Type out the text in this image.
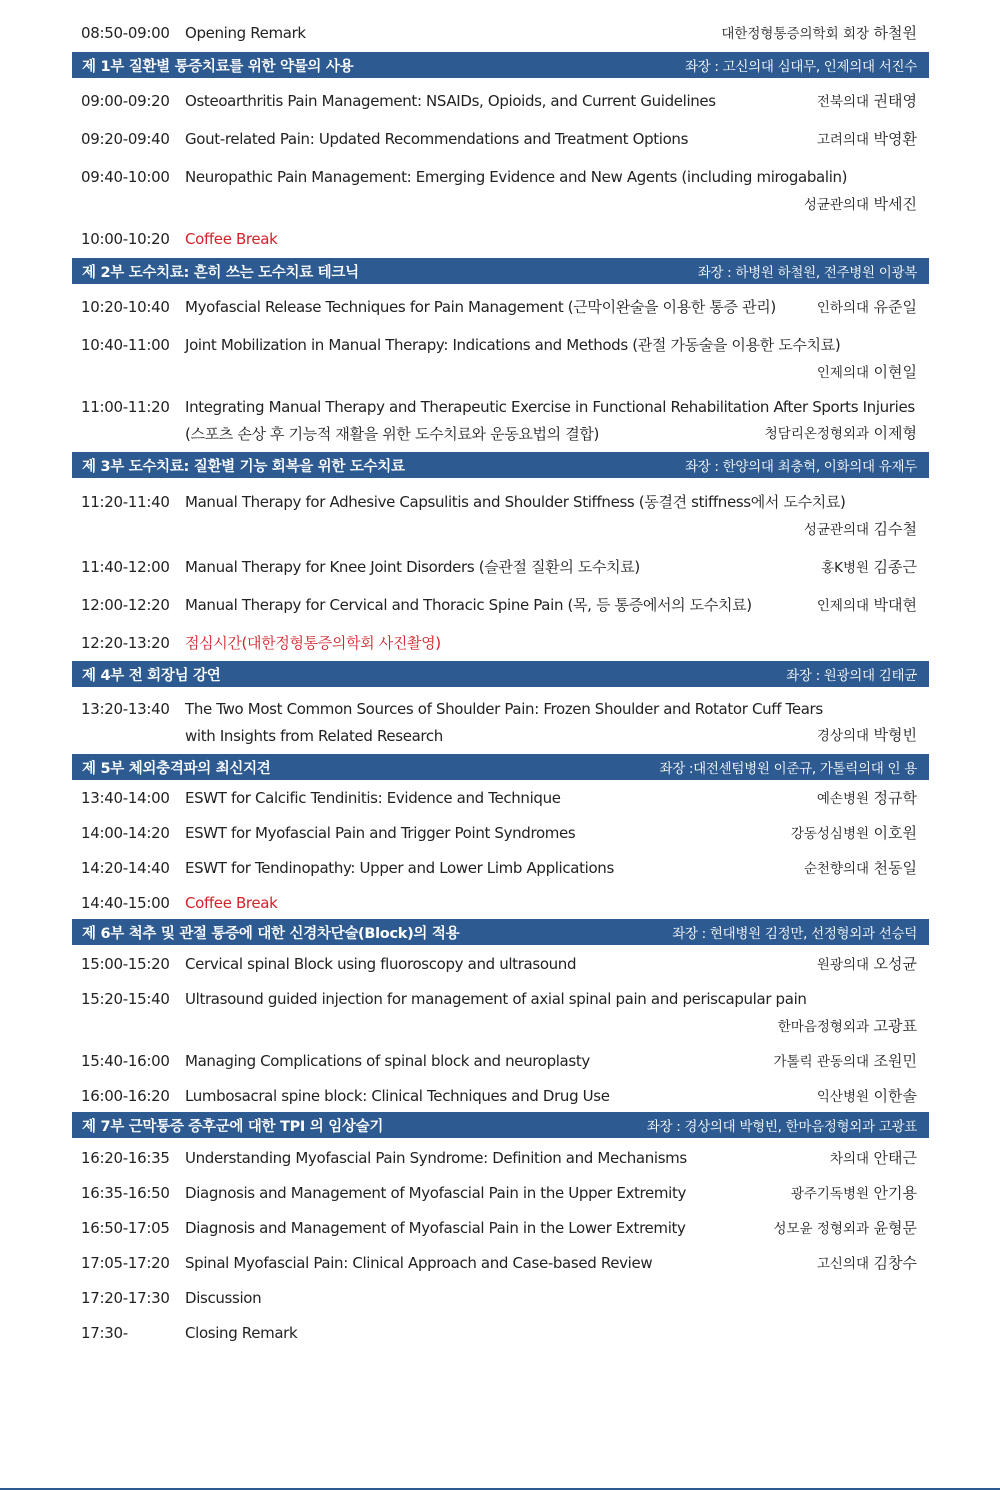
08:50-09:00	Opening Remark	대한정형통증의학회 회장 하철원
제 1부 질환별 통증치료를 위한 약물의 사용	좌장 : 고신의대 심대무, 인제의대 서진수
09:00-09:20	Osteoarthritis Pain Management: NSAIDs, Opioids, and Current Guidelines	전북의대 권태영
09:20-09:40	Gout-related Pain: Updated Recommendations and Treatment Options	고려의대 박영환
09:40-10:00	Neuropathic Pain Management: Emerging Evidence and New Agents (including mirogabalin)
성균관의대 박세진
10:00-10:20	Coffee Break
제 2부 도수치료: 흔히 쓰는 도수치료 테크닉	좌장 : 하병원 하철원, 전주병원 이광복
10:20-10:40	Myofascial Release Techniques for Pain Management (근막이완술을 이용한 통증 관리)	인하의대 유준일
10:40-11:00	Joint Mobilization in Manual Therapy: Indications and Methods (관절 가동술을 이용한 도수치료)
인제의대 이현일
11:00-11:20	Integrating Manual Therapy and Therapeutic Exercise in Functional Rehabilitation After Sports Injuries
(스포츠 손상 후 기능적 재활을 위한 도수치료와 운동요법의 결합)	청담리온정형외과 이제형
제 3부 도수치료: 질환별 기능 회복을 위한 도수치료	좌장 : 한양의대 최충혁, 이화의대 유재두
11:20-11:40	Manual Therapy for Adhesive Capsulitis and Shoulder Stiffness (동결견 stiffness에서 도수치료)
성균관의대 김수철
11:40-12:00	Manual Therapy for Knee Joint Disorders (슬관절 질환의 도수치료)	홍K병원 김종근
12:00-12:20	Manual Therapy for Cervical and Thoracic Spine Pain (목, 등 통증에서의 도수치료)	인제의대 박대현
12:20-13:20	점심시간(대한정형통증의학회 사진촬영)
제 4부 전 회장님 강연	좌장 : 원광의대 김태균
13:20-13:40	The Two Most Common Sources of Shoulder Pain: Frozen Shoulder and Rotator Cuff Tears
with Insights from Related Research	경상의대 박형빈
제 5부 체외충격파의 최신지견	좌장 :대전센텀병원 이준규, 가톨릭의대 인 용
13:40-14:00	ESWT for Calcific Tendinitis: Evidence and Technique	예손병원 정규학
14:00-14:20	ESWT for Myofascial Pain and Trigger Point Syndromes	강동성심병원 이호원
14:20-14:40	ESWT for Tendinopathy: Upper and Lower Limb Applications	순천향의대 천동일
14:40-15:00	Coffee Break
제 6부 척추 및 관절 통증에 대한 신경차단술(Block)의 적용	좌장 : 현대병원 김정만, 선정형외과 선승덕
15:00-15:20	Cervical spinal Block using fluoroscopy and ultrasound	원광의대 오성균
15:20-15:40	Ultrasound guided injection for management of axial spinal pain and periscapular pain
한마음정형외과 고광표
15:40-16:00	Managing Complications of spinal block and neuroplasty	가톨릭 관동의대 조원민
16:00-16:20	Lumbosacral spine block: Clinical Techniques and Drug Use	익산병원 이한솔
제 7부 근막통증 증후군에 대한 TPI 의 임상술기	좌장 : 경상의대 박형빈, 한마음정형외과 고광표
16:20-16:35	Understanding Myofascial Pain Syndrome: Definition and Mechanisms	차의대 안태근
16:35-16:50	Diagnosis and Management of Myofascial Pain in the Upper Extremity	광주기독병원 안기용
16:50-17:05	Diagnosis and Management of Myofascial Pain in the Lower Extremity	성모윤 정형외과 윤형문
17:05-17:20	Spinal Myofascial Pain: Clinical Approach and Case-based Review	고신의대 김창수
17:20-17:30	Discussion
17:30-	Closing Remark
